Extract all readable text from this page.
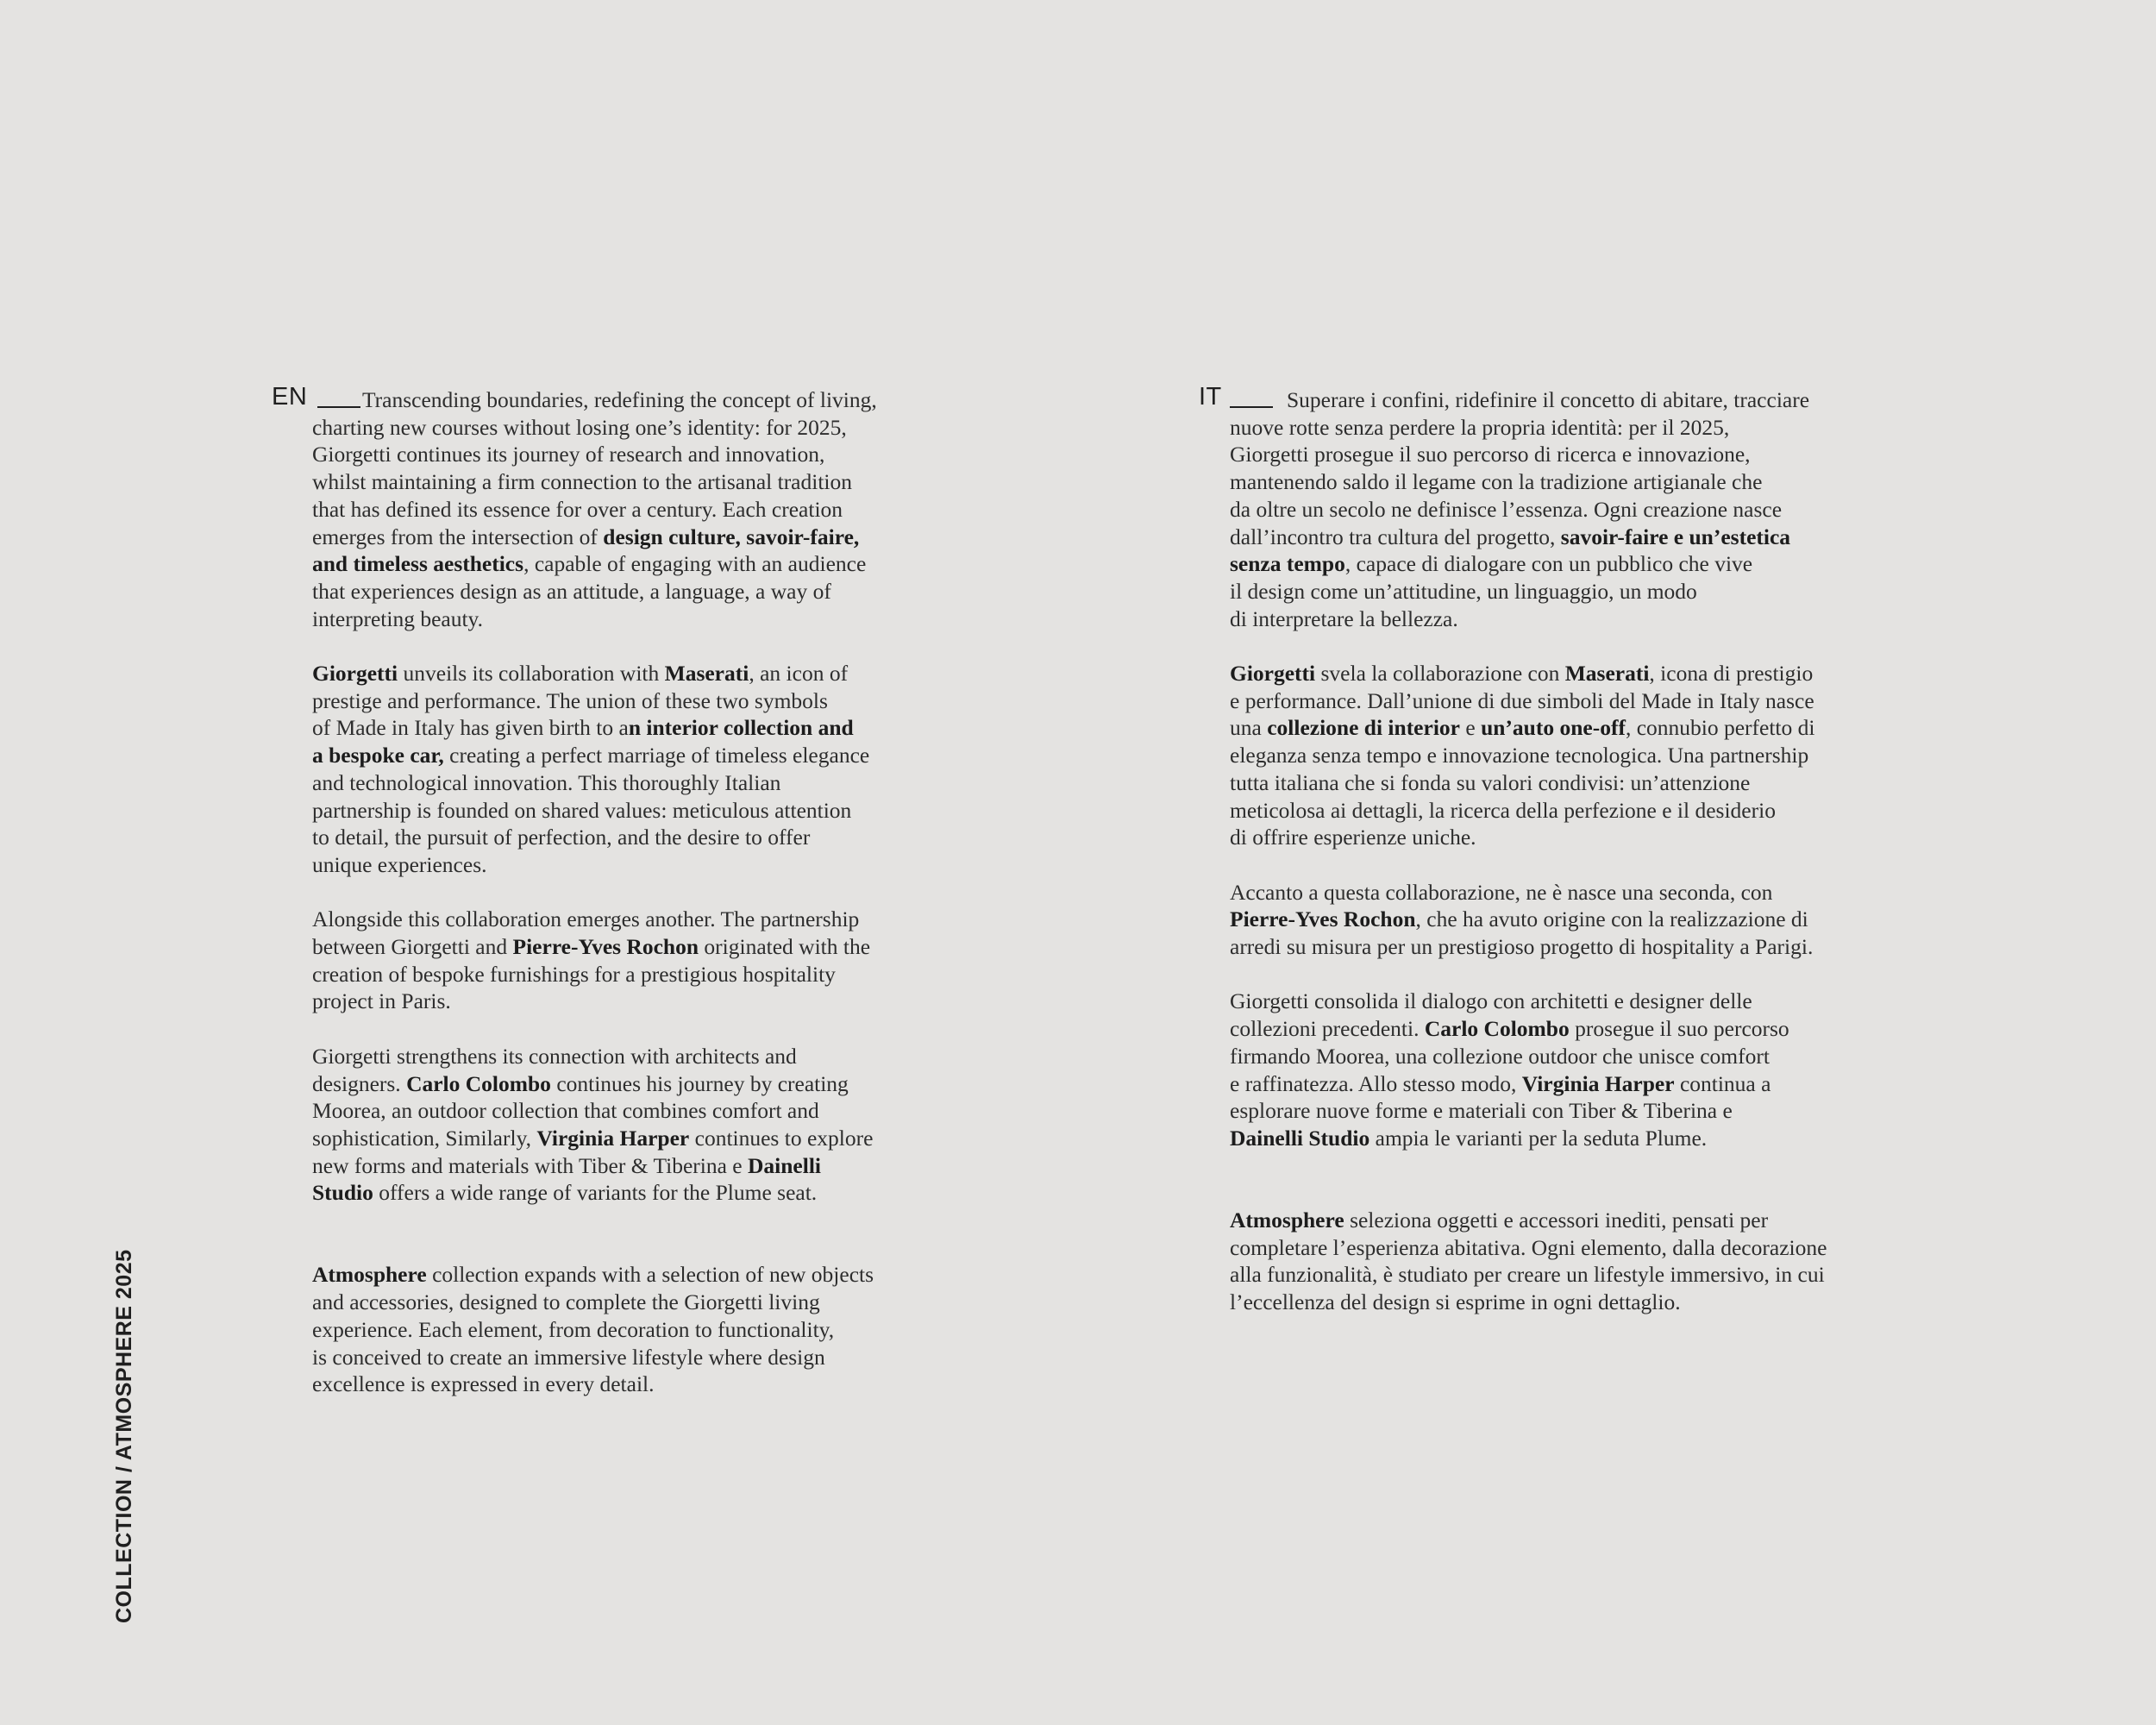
COLLECTION / ATMOSPHERE 2025
EN	Transcending boundaries, redefining the concept of living,
charting new courses without losing one’s identity: for 2025,
Giorgetti continues its journey of research and innovation,
whilst maintaining a firm connection to the artisanal tradition
that has defined its essence for over a century. Each creation
emerges from the intersection of design culture, savoir-faire,
and timeless aesthetics, capable of engaging with an audience
that experiences design as an attitude, a language, a way of
interpreting beauty.

Giorgetti unveils its collaboration with Maserati, an icon of
prestige and performance. The union of these two symbols
of Made in Italy has given birth to an interior collection and
a bespoke car, creating a perfect marriage of timeless elegance
and technological innovation. This thoroughly Italian
partnership is founded on shared values: meticulous attention
to detail, the pursuit of perfection, and the desire to offer
unique experiences.

Alongside this collaboration emerges another. The partnership
between Giorgetti and Pierre-Yves Rochon originated with the
creation of bespoke furnishings for a prestigious hospitality
project in Paris.

Giorgetti strengthens its connection with architects and
designers. Carlo Colombo continues his journey by creating
Moorea, an outdoor collection that combines comfort and
sophistication, Similarly, Virginia Harper continues to explore
new forms and materials with Tiber & Tiberina e Dainelli
Studio offers a wide range of variants for the Plume seat.

Atmosphere collection expands with a selection of new objects
and accessories, designed to complete the Giorgetti living
experience. Each element, from decoration to functionality,
is conceived to create an immersive lifestyle where design
excellence is expressed in every detail.

IT	Superare i confini, ridefinire il concetto di abitare, tracciare
nuove rotte senza perdere la propria identità: per il 2025,
Giorgetti prosegue il suo percorso di ricerca e innovazione,
mantenendo saldo il legame con la tradizione artigianale che
da oltre un secolo ne definisce l’essenza. Ogni creazione nasce
dall’incontro tra cultura del progetto, savoir-faire e un’estetica
senza tempo, capace di dialogare con un pubblico che vive
il design come un’attitudine, un linguaggio, un modo
di interpretare la bellezza.

Giorgetti svela la collaborazione con Maserati, icona di prestigio
e performance. Dall’unione di due simboli del Made in Italy nasce
una collezione di interior e un’auto one-off, connubio perfetto di
eleganza senza tempo e innovazione tecnologica. Una partnership
tutta italiana che si fonda su valori condivisi: un’attenzione
meticolosa ai dettagli, la ricerca della perfezione e il desiderio
di offrire esperienze uniche.

Accanto a questa collaborazione, ne è nasce una seconda, con
Pierre-Yves Rochon, che ha avuto origine con la realizzazione di
arredi su misura per un prestigioso progetto di hospitality a Parigi.

Giorgetti consolida il dialogo con architetti e designer delle
collezioni precedenti. Carlo Colombo prosegue il suo percorso
firmando Moorea, una collezione outdoor che unisce comfort
e raffinatezza. Allo stesso modo, Virginia Harper continua a
esplorare nuove forme e materiali con Tiber & Tiberina e
Dainelli Studio ampia le varianti per la seduta Plume.

Atmosphere seleziona oggetti e accessori inediti, pensati per
completare l’esperienza abitativa. Ogni elemento, dalla decorazione
alla funzionalità, è studiato per creare un lifestyle immersivo, in cui
l’eccellenza del design si esprime in ogni dettaglio.
